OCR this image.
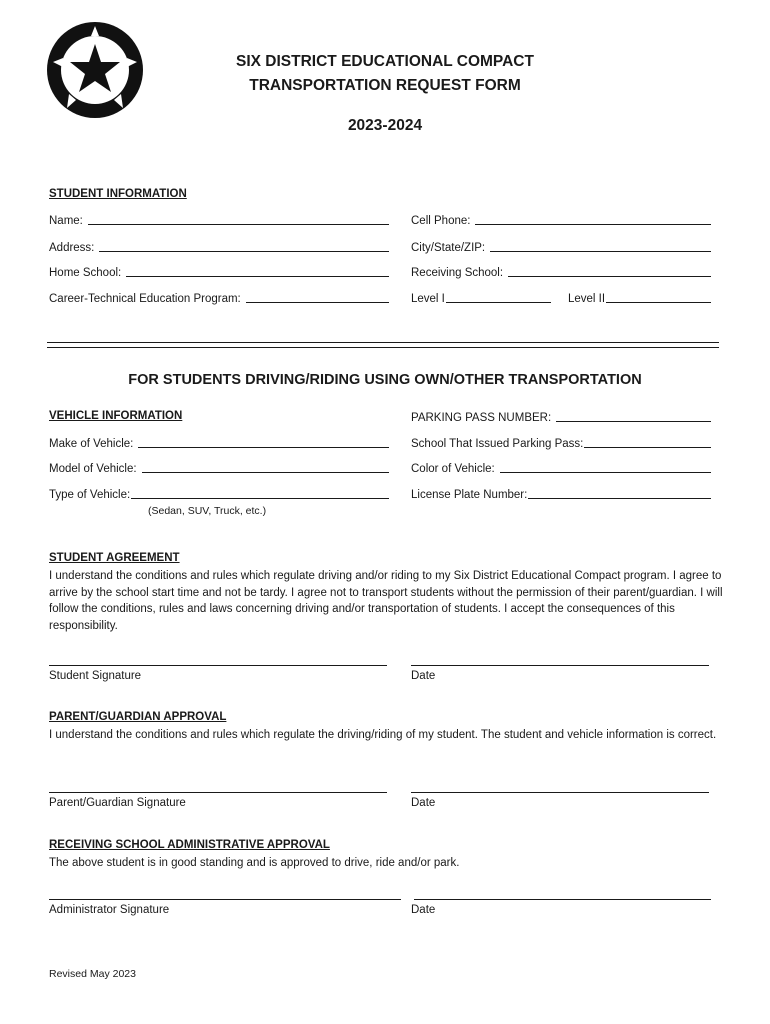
SIX DISTRICT EDUCATIONAL COMPACT
TRANSPORTATION REQUEST FORM
2023-2024
STUDENT INFORMATION
Name:	Cell Phone:
Address:	City/State/ZIP:
Home School:	Receiving School:
Career-Technical Education Program:	Level I	Level II
FOR STUDENTS DRIVING/RIDING USING OWN/OTHER TRANSPORTATION
VEHICLE INFORMATION	PARKING PASS NUMBER:
Make of Vehicle:	School That Issued Parking Pass:
Model of Vehicle:	Color of Vehicle:
Type of Vehicle:	License Plate Number:
(Sedan, SUV, Truck, etc.)
STUDENT AGREEMENT
I understand the conditions and rules which regulate driving and/or riding to my Six District Educational Compact program. I agree to arrive by the school start time and not be tardy. I agree not to transport students without the permission of their parent/guardian. I will follow the conditions, rules and laws concerning driving and/or transportation of students. I accept the consequences of this responsibility.
Student Signature	Date
PARENT/GUARDIAN APPROVAL
I understand the conditions and rules which regulate the driving/riding of my student. The student and vehicle information is correct.
Parent/Guardian Signature	Date
RECEIVING SCHOOL ADMINISTRATIVE APPROVAL
The above student is in good standing and is approved to drive, ride and/or park.
Administrator Signature	Date
Revised May 2023
